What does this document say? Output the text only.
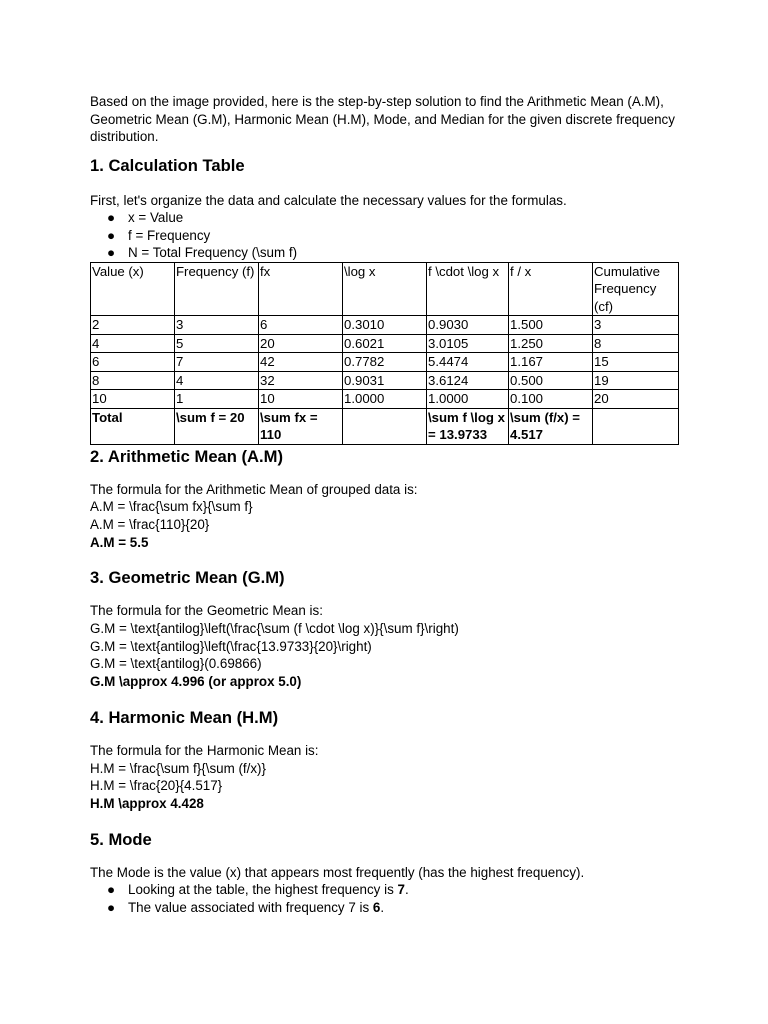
Based on the image provided, here is the step-by-step solution to find the Arithmetic Mean (A.M), Geometric Mean (G.M), Harmonic Mean (H.M), Mode, and Median for the given discrete frequency distribution.

1. Calculation Table

First, let's organize the data and calculate the necessary values for the formulas.

● x = Value
● f = Frequency
● N = Total Frequency (\sum f)
Value (x)	Frequency (f)	fx	\log x	f \cdot \log x	f / x	Cumulative Frequency (cf)
2	3	6	0.3010	0.9030	1.500	3
4	5	20	0.6021	3.0105	1.250	8
6	7	42	0.7782	5.4474	1.167	15
8	4	32	0.9031	3.6124	0.500	19
10	1	10	1.0000	1.0000	0.100	20
Total	\sum f = 20	\sum fx = 110		\sum f \log x = 13.9733	\sum (f/x) = 4.517	
2. Arithmetic Mean (A.M)

The formula for the Arithmetic Mean of grouped data is:

A.M = \frac{\sum fx}{\sum f}

A.M = \frac{110}{20}

A.M = 5.5

3. Geometric Mean (G.M)

The formula for the Geometric Mean is:

G.M = \text{antilog}\left(\frac{\sum (f \cdot \log x)}{\sum f}\right)

G.M = \text{antilog}\left(\frac{13.9733}{20}\right)

G.M = \text{antilog}(0.69866)

G.M \approx 4.996 (or approx 5.0)

4. Harmonic Mean (H.M)

The formula for the Harmonic Mean is:

H.M = \frac{\sum f}{\sum (f/x)}

H.M = \frac{20}{4.517}

H.M \approx 4.428

5. Mode

The Mode is the value (x) that appears most frequently (has the highest frequency).

● Looking at the table, the highest frequency is 7.
● The value associated with frequency 7 is 6.
